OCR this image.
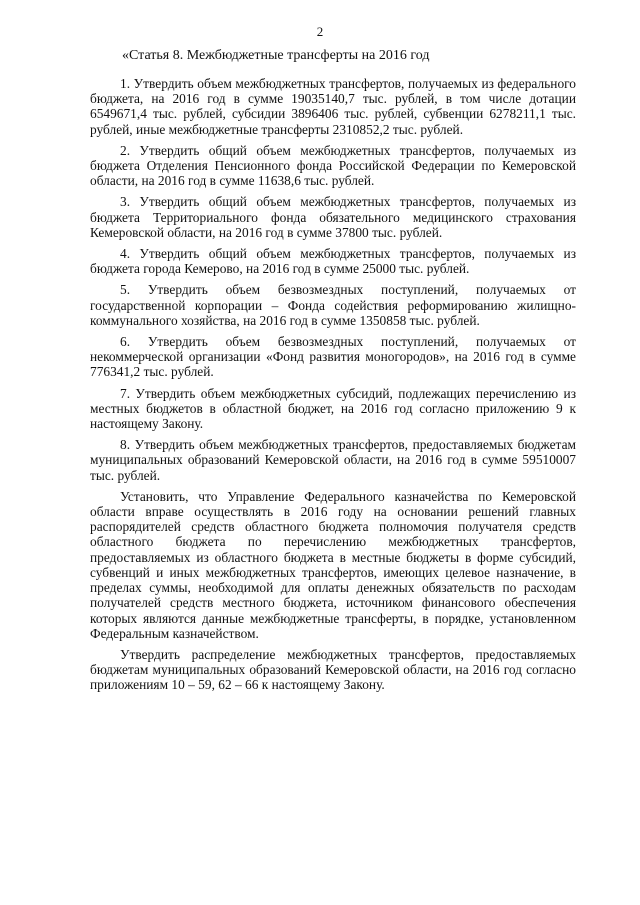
2
«Статья 8. Межбюджетные трансферты на 2016 год

1. Утвердить объем межбюджетных трансфертов, получаемых из федерального бюджета, на 2016 год в сумме 19035140,7 тыс. рублей, в том числе дотации 6549671,4 тыс. рублей, субсидии 3896406 тыс. рублей, субвенции 6278211,1 тыс. рублей, иные межбюджетные трансферты 2310852,2 тыс. рублей.

2. Утвердить общий объем межбюджетных трансфертов, получаемых из бюджета Отделения Пенсионного фонда Российской Федерации по Кемеровской области, на 2016 год в сумме 11638,6 тыс. рублей.

3. Утвердить общий объем межбюджетных трансфертов, получаемых из бюджета Территориального фонда обязательного медицинского страхования Кемеровской области, на 2016 год в сумме 37800 тыс. рублей.

4. Утвердить общий объем межбюджетных трансфертов, получаемых из бюджета города Кемерово, на 2016 год в сумме 25000 тыс. рублей.

5. Утвердить объем безвозмездных поступлений, получаемых от государственной корпорации – Фонда содействия реформированию жилищно-коммунального хозяйства, на 2016 год в сумме 1350858 тыс. рублей.

6. Утвердить объем безвозмездных поступлений, получаемых от некоммерческой организации «Фонд развития моногородов», на 2016 год в сумме 776341,2 тыс. рублей.

7. Утвердить объем межбюджетных субсидий, подлежащих перечислению из местных бюджетов в областной бюджет, на 2016 год согласно приложению 9 к настоящему Закону.

8. Утвердить объем межбюджетных трансфертов, предоставляемых бюджетам муниципальных образований Кемеровской области, на 2016 год в сумме 59510007 тыс. рублей.

Установить, что Управление Федерального казначейства по Кемеровской области вправе осуществлять в 2016 году на основании решений главных распорядителей средств областного бюджета полномочия получателя средств областного бюджета по перечислению межбюджетных трансфертов, предоставляемых из областного бюджета в местные бюджеты в форме субсидий, субвенций и иных межбюджетных трансфертов, имеющих целевое назначение, в пределах суммы, необходимой для оплаты денежных обязательств по расходам получателей средств местного бюджета, источником финансового обеспечения которых являются данные межбюджетные трансферты, в порядке, установленном Федеральным казначейством.

Утвердить распределение межбюджетных трансфертов, предоставляемых бюджетам муниципальных образований Кемеровской области, на 2016 год согласно приложениям 10 – 59, 62 – 66 к настоящему Закону.
